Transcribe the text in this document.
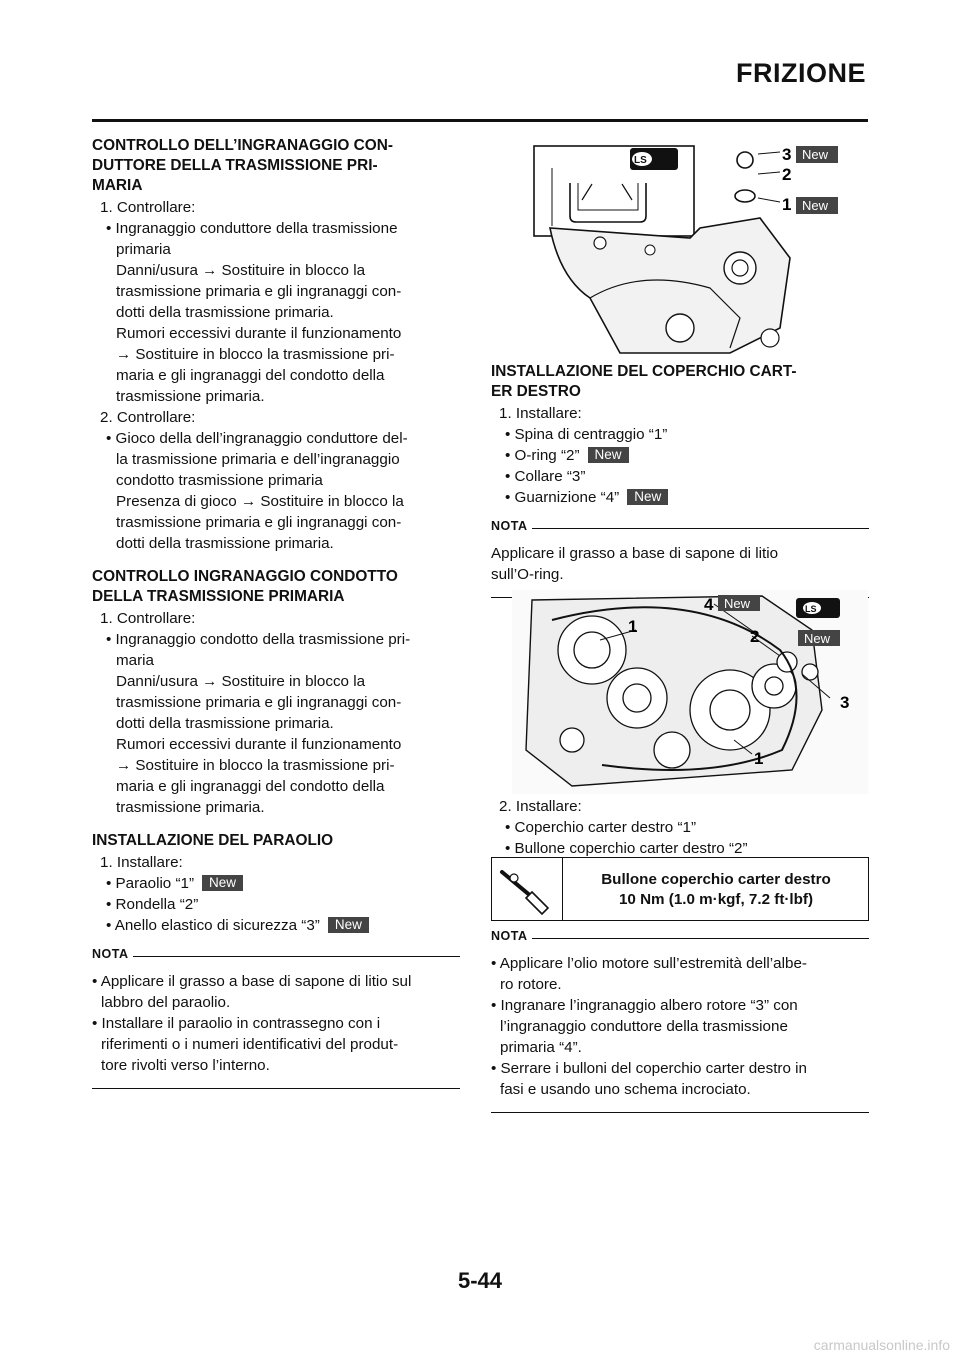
FRIZIONE
CONTROLLO DELL’INGRANAGGIO CON-
DUTTORE DELLA TRASMISSIONE PRI-
MARIA

1. Controllare:

• Ingranaggio conduttore della trasmissione

primaria
Danni/usura → Sostituire in blocco la
trasmissione primaria e gli ingranaggi con-
dotti della trasmissione primaria.
Rumori eccessivi durante il funzionamento
→ Sostituire in blocco la trasmissione pri-
maria e gli ingranaggi del condotto della
trasmissione primaria.

2. Controllare:

• Gioco della dell’ingranaggio conduttore del-

la trasmissione primaria e dell’ingranaggio
condotto trasmissione primaria
Presenza di gioco → Sostituire in blocco la
trasmissione primaria e gli ingranaggi con-
dotti della trasmissione primaria.
CONTROLLO INGRANAGGIO CONDOTTO
DELLA TRASMISSIONE PRIMARIA

1. Controllare:

• Ingranaggio condotto della trasmissione pri-

maria
Danni/usura → Sostituire in blocco la
trasmissione primaria e gli ingranaggi con-
dotti della trasmissione primaria.
Rumori eccessivi durante il funzionamento
→ Sostituire in blocco la trasmissione pri-
maria e gli ingranaggi del condotto della
trasmissione primaria.
INSTALLAZIONE DEL PARAOLIO

1. Installare:

• Paraolio “1” New
• Rondella “2”
• Anello elastico di sicurezza “3” New
NOTA
• Applicare il grasso a base di sapone di litio sul
labbro del paraolio.
• Installare il paraolio in contrassegno con i
riferimenti o i numeri identificativi del produt-
tore rivolti verso l’interno.
LS	3
2
1
New
New
INSTALLAZIONE DEL COPERCHIO CART-
ER DESTRO

1. Installare:

• Spina di centraggio “1”
• O-ring “2” New
• Collare “3”
• Guarnizione “4” New
NOTA
Applicare il grasso a base di sapone di litio
sull’O-ring.
LS
4 New
1
2	New
3
1

2. Installare:

• Coperchio carter destro “1”
• Bullone coperchio carter destro “2”
Bullone coperchio carter destro
10 Nm (1.0 m·kgf, 7.2 ft·lbf)
NOTA
• Applicare l’olio motore sull’estremità dell’albe-
ro rotore.
• Ingranare l’ingranaggio albero rotore “3” con
l’ingranaggio conduttore della trasmissione
primaria “4”.
• Serrare i bulloni del coperchio carter destro in
fasi e usando uno schema incrociato.
5-44
carmanualsonline.info
